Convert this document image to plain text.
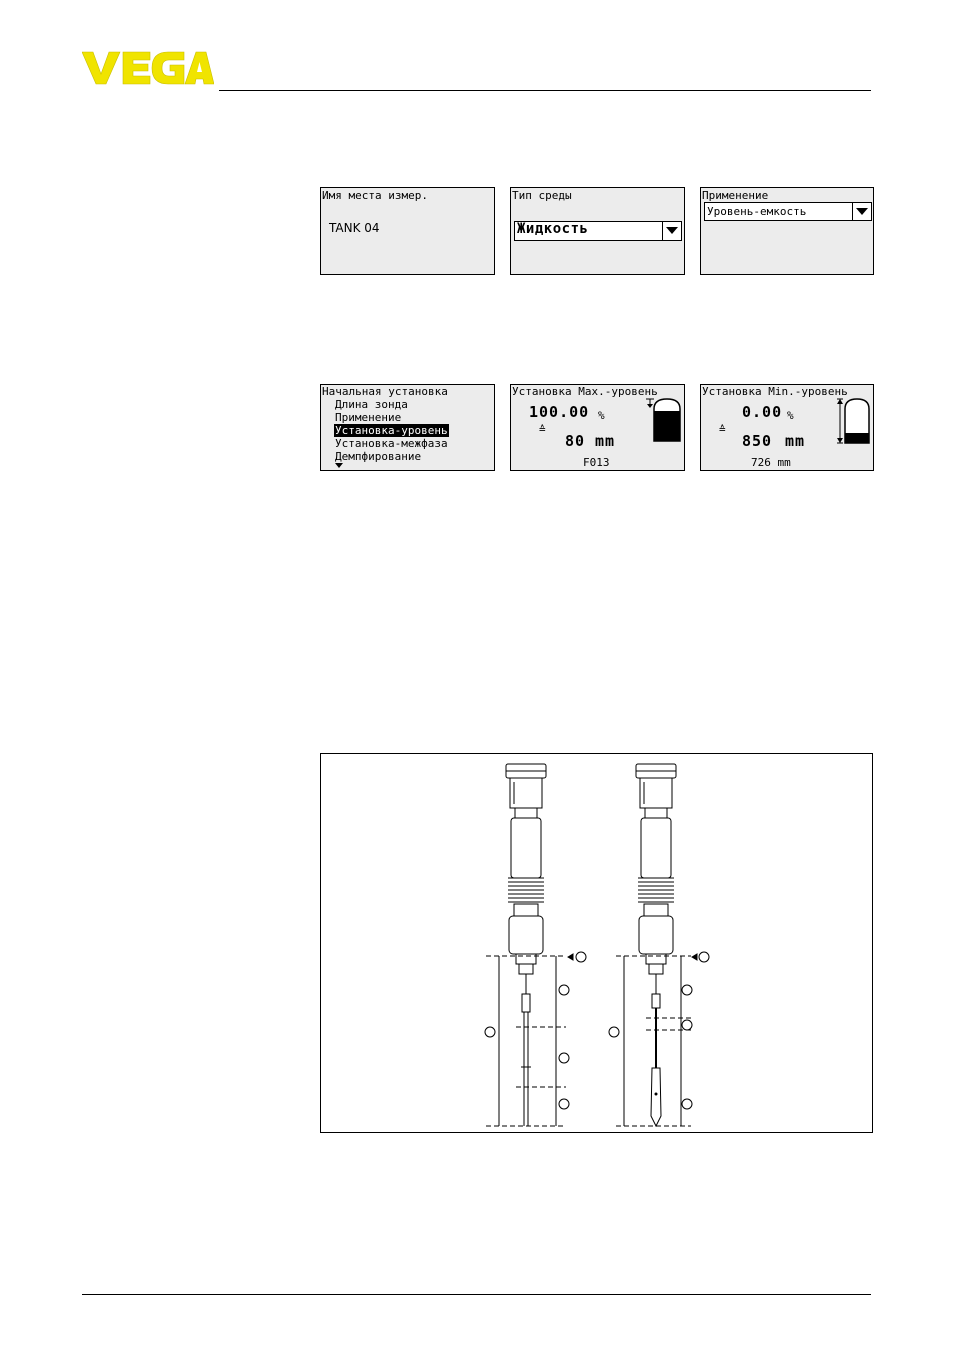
Имя места измер.
TANK 04
Тип среды
Жидкость
Применение
Уровень-емкость
Начальная установка
Длина зонда
Применение
Установка-уровень
Установка-межфаза
Демпфирование
Установка Max.-уровень
100.00 %
≙
80 mm
F013
Установка Min.-уровень
0.00 %
≙
850 mm
726 mm
